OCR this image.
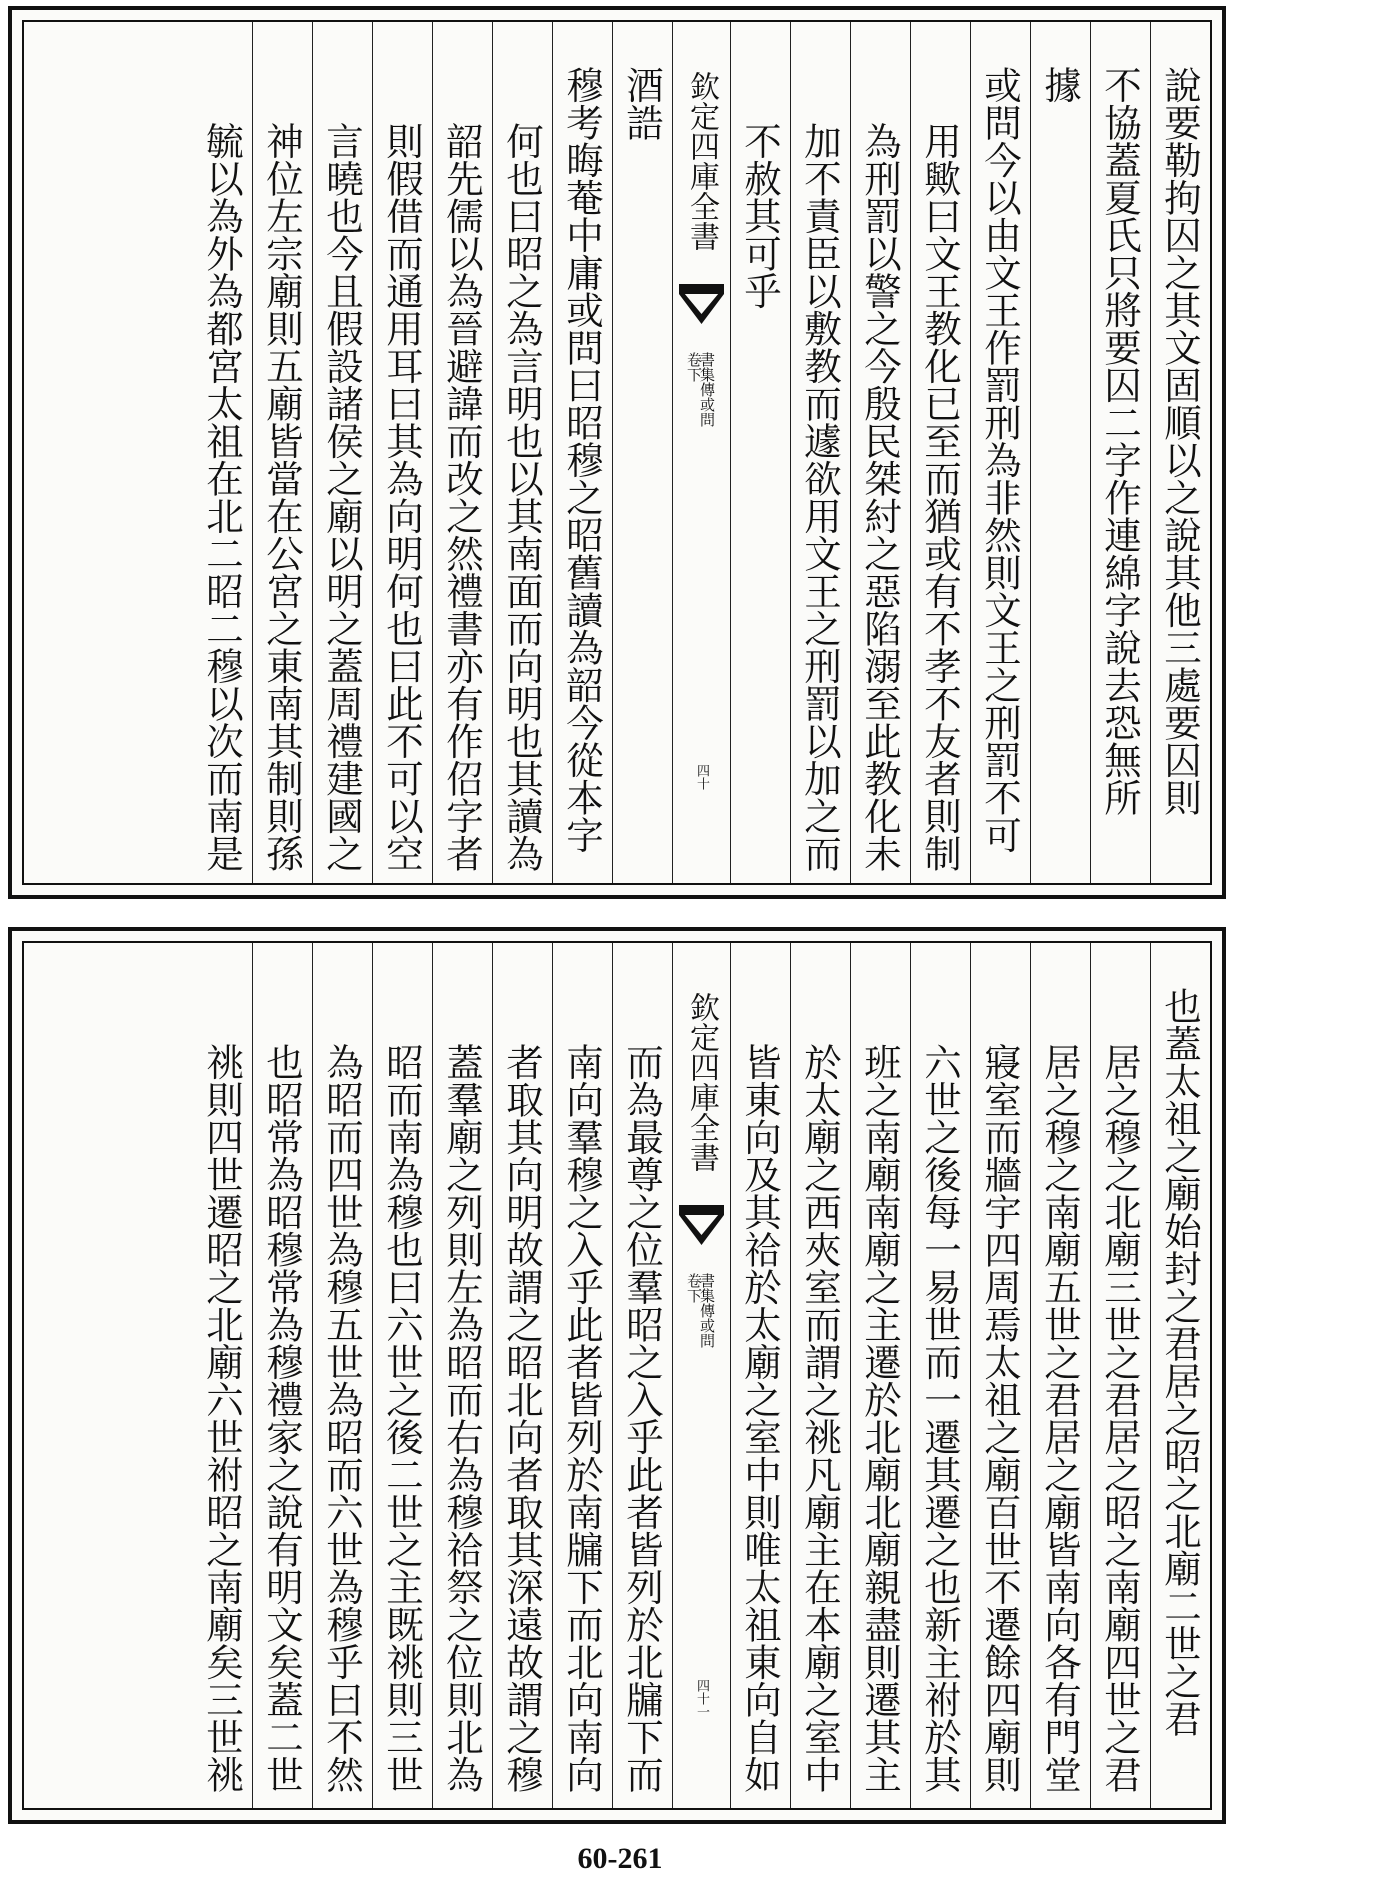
說要勒拘囚之其文固順以之說其他三處要囚則
不協蓋夏氏只將要囚二字作連綿字說去恐無所
據
或問今以由文王作罰刑為非然則文王之刑罰不可
用歟曰文王教化已至而猶或有不孝不友者則制
為刑罰以警之今殷民桀紂之惡陷溺至此教化未
加不責臣以敷教而遽欲用文王之刑罰以加之而
不赦其可乎
欽定四庫全書
書集傳或問
卷下
四十
酒誥
穆考晦菴中庸或問曰昭穆之昭舊讀為韶今從本字
何也曰昭之為言明也以其南面而向明也其讀為
韶先儒以為晉避諱而改之然禮書亦有作佋字者
則假借而通用耳曰其為向明何也曰此不可以空
言曉也今且假設諸侯之廟以明之蓋周禮建國之
神位左宗廟則五廟皆當在公宮之東南其制則孫
毓以為外為都宮太祖在北二昭二穆以次而南是
也蓋太祖之廟始封之君居之昭之北廟二世之君
居之穆之北廟三世之君居之昭之南廟四世之君
居之穆之南廟五世之君居之廟皆南向各有門堂
寢室而牆宇四周焉太祖之廟百世不遷餘四廟則
六世之後每一易世而一遷其遷之也新主祔於其
班之南廟南廟之主遷於北廟北廟親盡則遷其主
於太廟之西夾室而謂之祧凡廟主在本廟之室中
皆東向及其祫於太廟之室中則唯太祖東向自如
欽定四庫全書
書集傳或問
卷下
四十一
而為最尊之位羣昭之入乎此者皆列於北牖下而
南向羣穆之入乎此者皆列於南牖下而北向南向
者取其向明故謂之昭北向者取其深遠故謂之穆
蓋羣廟之列則左為昭而右為穆祫祭之位則北為
昭而南為穆也曰六世之後二世之主既祧則三世
為昭而四世為穆五世為昭而六世為穆乎曰不然
也昭常為昭穆常為穆禮家之說有明文矣蓋二世
祧則四世遷昭之北廟六世祔昭之南廟矣三世祧
60-261
